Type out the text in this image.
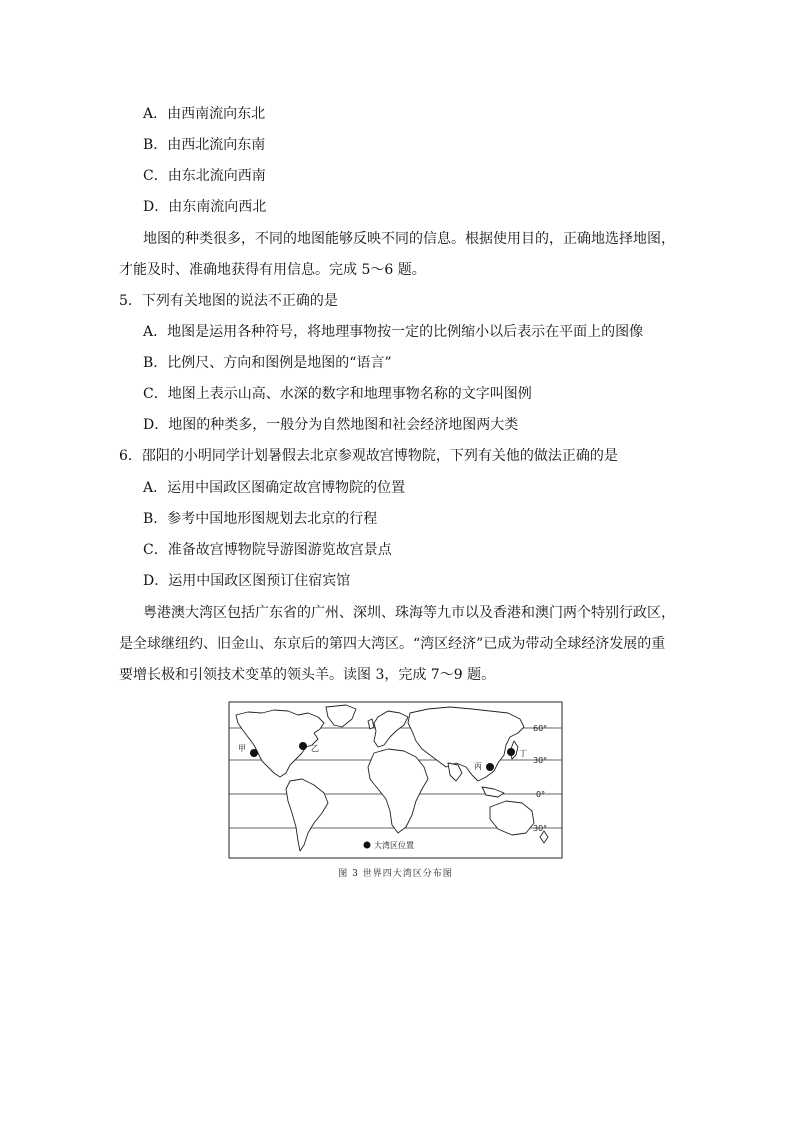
A．由西南流向东北
B．由西北流向东南
C．由东北流向西南
D．由东南流向西北
地图的种类很多，不同的地图能够反映不同的信息。根据使用目的，正确地选择地图，
才能及时、准确地获得有用信息。完成 5～6 题。
5．下列有关地图的说法不正确的是
A．地图是运用各种符号，将地理事物按一定的比例缩小以后表示在平面上的图像
B．比例尺、方向和图例是地图的“语言”
C．地图上表示山高、水深的数字和地理事物名称的文字叫图例
D．地图的种类多，一般分为自然地图和社会经济地图两大类
6．邵阳的小明同学计划暑假去北京参观故宫博物院，下列有关他的做法正确的是
A．运用中国政区图确定故宫博物院的位置
B．参考中国地形图规划去北京的行程
C．准备故宫博物院导游图游览故宫景点
D．运用中国政区图预订住宿宾馆
粤港澳大湾区包括广东省的广州、深圳、珠海等九市以及香港和澳门两个特别行政区，
是全球继纽约、旧金山、东京后的第四大湾区。“湾区经济”已成为带动全球经济发展的重
要增长极和引领技术变革的领头羊。读图 3，完成 7～9 题。
甲	乙
丙
丁
60°
30°
0°
30°
大湾区位置
图 3 世界四大湾区分布图
